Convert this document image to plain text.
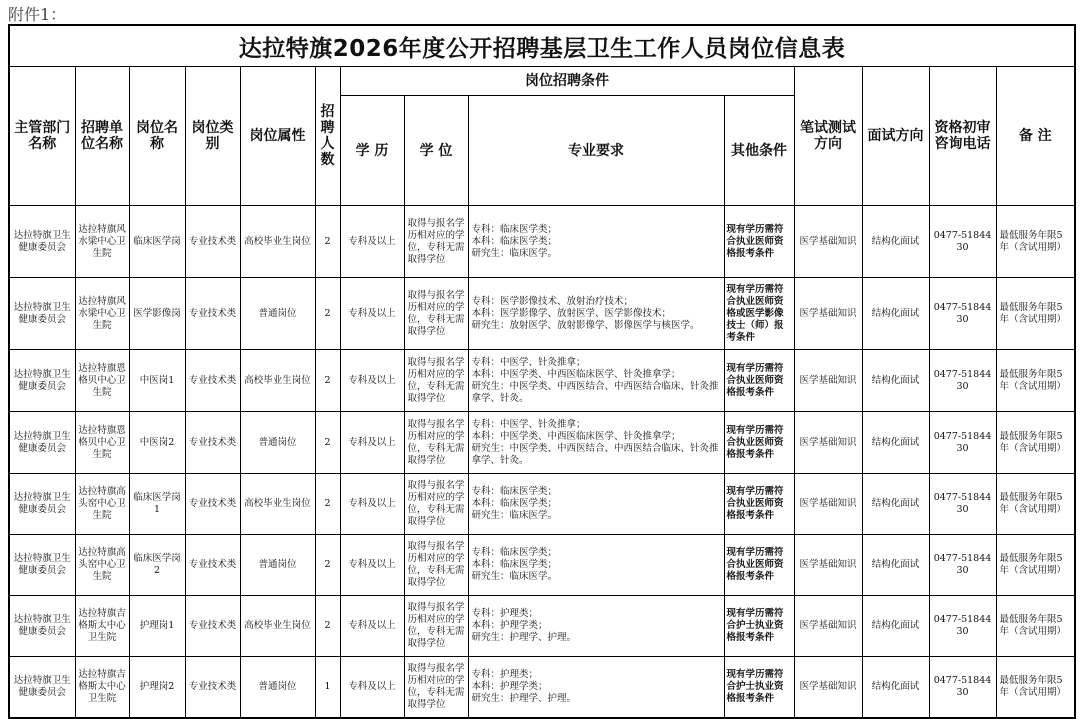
附件1：
达拉特旗2026年度公开招聘基层卫生工作人员岗位信息表													
主管部门名称	招聘单位名称	岗位名称	岗位类别	岗位属性	招聘人数	岗位招聘条件				笔试测试方向	面试方向	资格初审咨询电话	备 注
						学 历	学 位	专业要求	其他条件				
达拉特旗卫生健康委员会	达拉特旗风水梁中心卫生院	临床医学岗	专业技术类	高校毕业生岗位	2	专科及以上	取得与报名学历相对应的学位，专科无需取得学位	专科：临床医学类；
本科：临床医学类；
研究生：临床医学。	现有学历需符合执业医师资格报考条件	医学基础知识	结构化面试	0477-5184430	最低服务年限5年（含试用期）
达拉特旗卫生健康委员会	达拉特旗风水梁中心卫生院	医学影像岗	专业技术类	普通岗位	2	专科及以上	取得与报名学历相对应的学位，专科无需取得学位	专科：医学影像技术、放射治疗技术；
本科：医学影像学、放射医学、医学影像技术；
研究生：放射医学、放射影像学、影像医学与核医学。	现有学历需符合执业医师资格或医学影像技士（师）报考条件	医学基础知识	结构化面试	0477-5184430	最低服务年限5年（含试用期）
达拉特旗卫生健康委员会	达拉特旗恩格贝中心卫生院	中医岗1	专业技术类	高校毕业生岗位	2	专科及以上	取得与报名学历相对应的学位，专科无需取得学位	专科：中医学、针灸推拿；
本科：中医学类、中西医临床医学、针灸推拿学；
研究生：中医学类、中西医结合、中西医结合临床、针灸推拿学、针灸。	现有学历需符合执业医师资格报考条件	医学基础知识	结构化面试	0477-5184430	最低服务年限5年（含试用期）
达拉特旗卫生健康委员会	达拉特旗恩格贝中心卫生院	中医岗2	专业技术类	普通岗位	2	专科及以上	取得与报名学历相对应的学位，专科无需取得学位	专科：中医学、针灸推拿；
本科：中医学类、中西医临床医学、针灸推拿学；
研究生：中医学类、中西医结合、中西医结合临床、针灸推拿学、针灸。	现有学历需符合执业医师资格报考条件	医学基础知识	结构化面试	0477-5184430	最低服务年限5年（含试用期）
达拉特旗卫生健康委员会	达拉特旗高头窑中心卫生院	临床医学岗1	专业技术类	高校毕业生岗位	2	专科及以上	取得与报名学历相对应的学位，专科无需取得学位	专科：临床医学类；
本科：临床医学类；
研究生：临床医学。	现有学历需符合执业医师资格报考条件	医学基础知识	结构化面试	0477-5184430	最低服务年限5年（含试用期）
达拉特旗卫生健康委员会	达拉特旗高头窑中心卫生院	临床医学岗2	专业技术类	普通岗位	2	专科及以上	取得与报名学历相对应的学位，专科无需取得学位	专科：临床医学类；
本科：临床医学类；
研究生：临床医学。	现有学历需符合执业医师资格报考条件	医学基础知识	结构化面试	0477-5184430	最低服务年限5年（含试用期）
达拉特旗卫生健康委员会	达拉特旗吉格斯太中心卫生院	护理岗1	专业技术类	高校毕业生岗位	2	专科及以上	取得与报名学历相对应的学位，专科无需取得学位	专科：护理类；
本科：护理学类；
研究生：护理学、护理。	现有学历需符合护士执业资格报考条件	医学基础知识	结构化面试	0477-5184430	最低服务年限5年（含试用期）
达拉特旗卫生健康委员会	达拉特旗吉格斯太中心卫生院	护理岗2	专业技术类	普通岗位	1	专科及以上	取得与报名学历相对应的学位，专科无需取得学位	专科：护理类；
本科：护理学类；
研究生：护理学、护理。	现有学历需符合护士执业资格报考条件	医学基础知识	结构化面试	0477-5184430	最低服务年限5年（含试用期）
